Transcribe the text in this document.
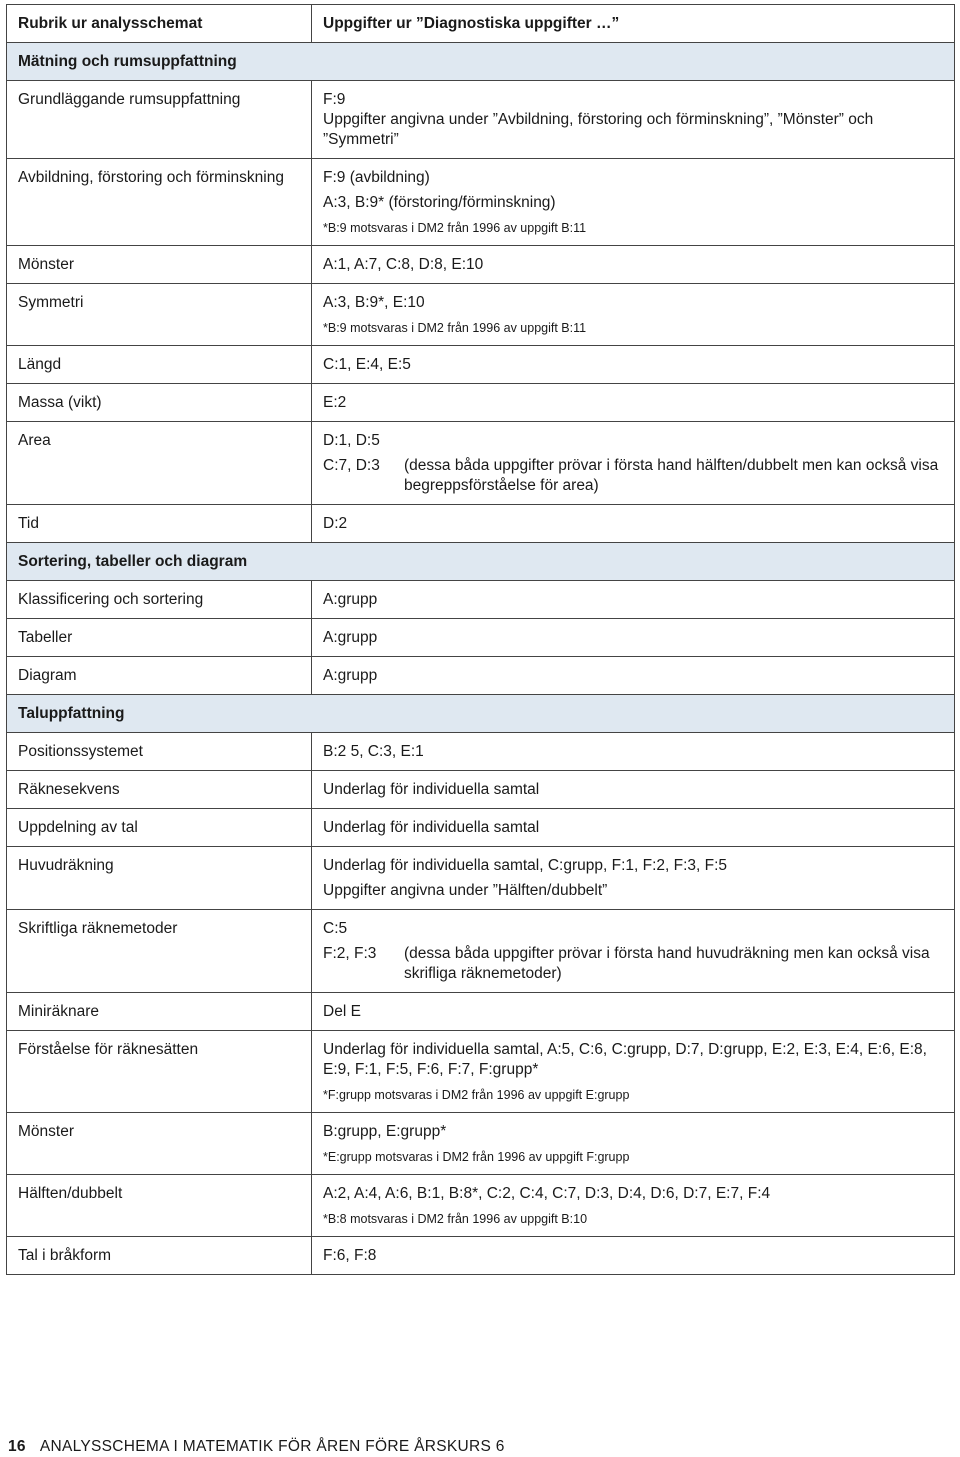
Rubrik ur analysschemat	Uppgifter ur ”Diagnostiska uppgifter …”
Mätning och rumsuppfattning	
Grundläggande rumsuppfattning	F:9
Uppgifter angivna under ”Avbildning, förstoring och förminskning”, ”Mönster” och ”Symmetri”

Avbildning, förstoring och förminskning	F:9 (avbildning)
A:3, B:9* (förstoring/förminskning)
*B:9 motsvaras i DM2 från 1996 av uppgift B:11

Mönster	A:1, A:7, C:8, D:8, E:10
Symmetri	A:3, B:9*, E:10
*B:9 motsvaras i DM2 från 1996 av uppgift B:11

Längd	C:1, E:4, E:5
Massa (vikt)	E:2
Area	D:1, D:5
C:7, D:3 (dessa båda uppgifter prövar i första hand hälften/dubbelt men kan också visa begreppsförståelse för area)

Tid	D:2
Sortering, tabeller och diagram	
Klassificering och sortering	A:grupp
Tabeller	A:grupp
Diagram	A:grupp
Taluppfattning	
Positionssystemet	B:2 5, C:3, E:1
Räknesekvens	Underlag för individuella samtal
Uppdelning av tal	Underlag för individuella samtal
Huvudräkning	Underlag för individuella samtal, C:grupp, F:1, F:2, F:3, F:5
Uppgifter angivna under ”Hälften/dubbelt”

Skriftliga räknemetoder	C:5
F:2, F:3 (dessa båda uppgifter prövar i första hand huvudräkning men kan också visa skrifliga räknemetoder)

Miniräknare	Del E
Förståelse för räknesätten	Underlag för individuella samtal, A:5, C:6, C:grupp, D:7, D:grupp, E:2, E:3, E:4, E:6, E:8, E:9, F:1, F:5, F:6, F:7, F:grupp*
*F:grupp motsvaras i DM2 från 1996 av uppgift E:grupp

Mönster	B:grupp, E:grupp*
*E:grupp motsvaras i DM2 från 1996 av uppgift F:grupp

Hälften/dubbelt	A:2, A:4, A:6, B:1, B:8*, C:2, C:4, C:7, D:3, D:4, D:6, D:7, E:7, F:4
*B:8 motsvaras i DM2 från 1996 av uppgift B:10

Tal i bråkform	F:6, F:8
16 ANALYSSCHEMA I MATEMATIK FÖR ÅREN FÖRE ÅRSKURS 6
